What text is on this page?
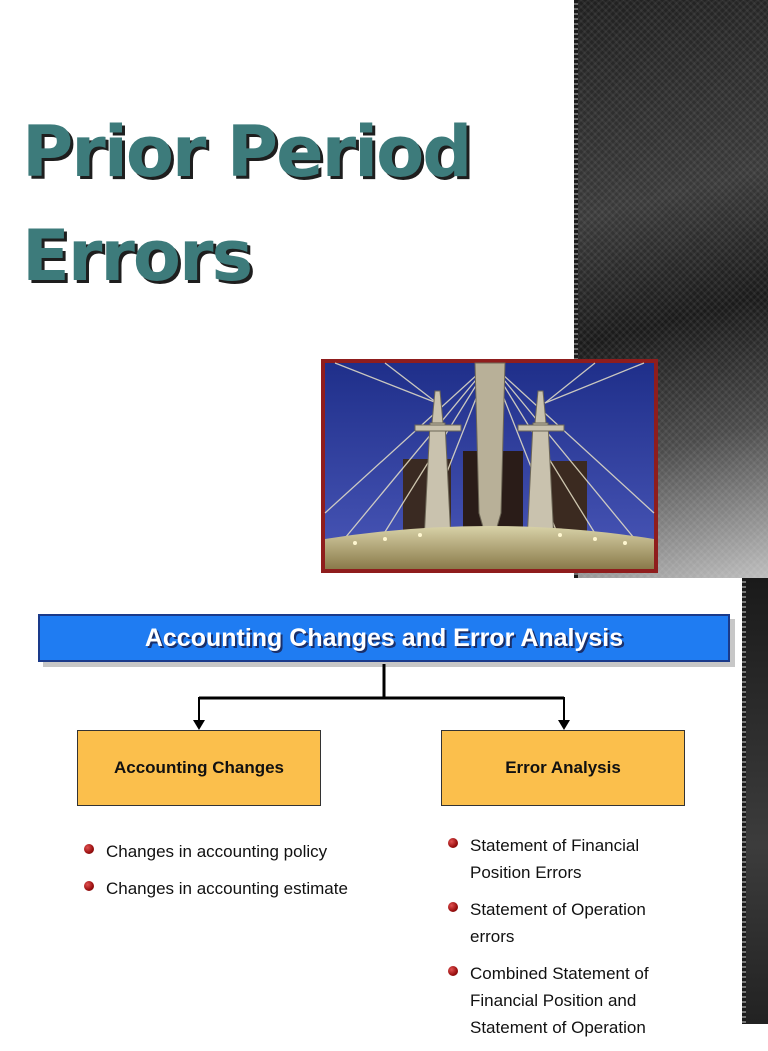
Prior Period
Errors
Accounting Changes and Error Analysis
Accounting Changes	Error Analysis
Changes in accounting policy
Changes in accounting estimate
Statement of Financial Position Errors
Statement of Operation errors
Combined Statement of Financial Position and Statement of Operation
